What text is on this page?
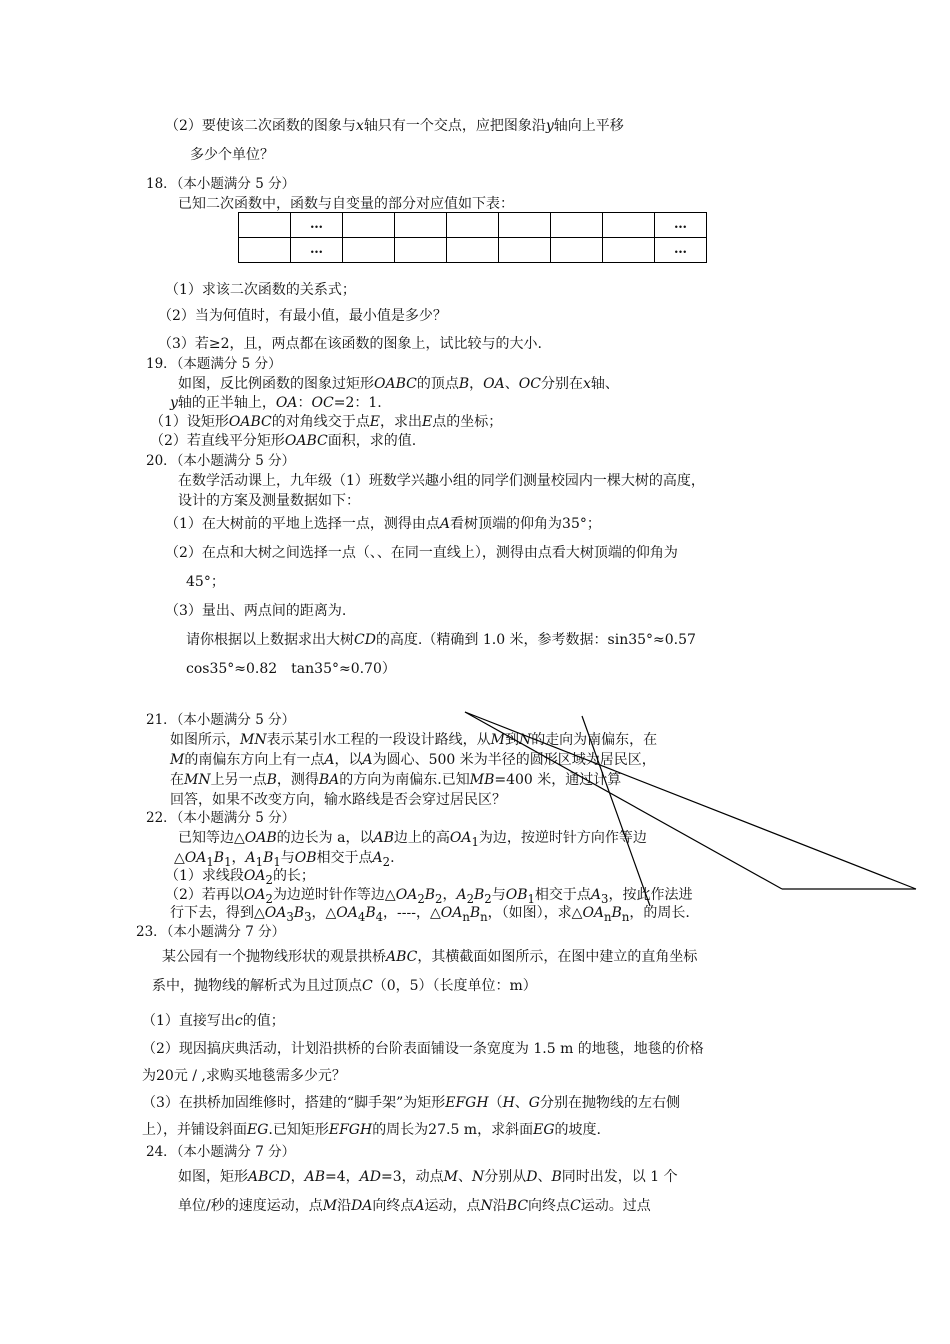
（2）要使该二次函数的图象与x轴只有一个交点，应把图象沿y轴向上平移
多少个单位？
18．（本小题满分 5 分）
已知二次函数中，函数与自变量的部分对应值如下表：
	…							…
	…							…
（1）求该二次函数的关系式；
（2）当为何值时，有最小值，最小值是多少？
（3）若≥2，且，两点都在该函数的图象上，试比较与的大小.
19．（本题满分 5 分）
如图，反比例函数的图象过矩形OABC的顶点B，OA、OC分别在x轴、
y轴的正半轴上，OA：OC=2：1.
（1）设矩形OABC的对角线交于点E，求出E点的坐标；
（2）若直线平分矩形OABC面积，求的值.
20．（本小题满分 5 分）
在数学活动课上，九年级（1）班数学兴趣小组的同学们测量校园内一棵大树的高度，
设计的方案及测量数据如下：
（1）在大树前的平地上选择一点，测得由点A看树顶端的仰角为35°；
（2）在点和大树之间选择一点（、、在同一直线上），测得由点看大树顶端的仰角为
45°；
（3）量出、两点间的距离为.
请你根据以上数据求出大树CD的高度.（精确到 1.0 米，参考数据：sin35°≈0.57
cos35°≈0.82　tan35°≈0.70）
21．（本小题满分 5 分）
如图所示，MN表示某引水工程的一段设计路线，从M到N的走向为南偏东，在
M的南偏东方向上有一点A，以A为圆心、500 米为半径的圆形区域为居民区，
在MN上另一点B，测得BA的方向为南偏东.已知MB=400 米，通过计算
回答，如果不改变方向，输水路线是否会穿过居民区？
22．（本小题满分 5 分）
已知等边△OAB的边长为 a，以AB边上的高$OA_1$为边，按逆时针方向作等边
$\triangle OA_1B_1$，$A_1B_1$与OB相交于点$A_2$.
（1）求线段$OA_2$的长；
（2）若再以$OA_2$为边逆时针作等边$\triangle OA_2B_2$，$A_2B_2$与$OB_1$相交于点$A_3$，按此作法进
行下去，得到$\triangle OA_3B_3$，$\triangle OA_4B_4$，----，$\triangle OA_nB_n$，（如图），求$\triangle OA_nB_n$，的周长.
23．（本小题满分 7 分）
某公园有一个抛物线形状的观景拱桥ABC，其横截面如图所示，在图中建立的直角坐标
系中，抛物线的解析式为且过顶点C（0，5）（长度单位：m）
（1）直接写出c的值；
（2）现因搞庆典活动，计划沿拱桥的台阶表面铺设一条宽度为 1.5 m 的地毯，地毯的价格
为20元 / ,求购买地毯需多少元？
（3）在拱桥加固维修时，搭建的“脚手架”为矩形EFGH（H、G分别在抛物线的左右侧
上），并铺设斜面EG.已知矩形EFGH的周长为27.5 m，求斜面EG的坡度.
24．（本小题满分 7 分）
如图，矩形ABCD，AB=4，AD=3，动点M、N分别从D、B同时出发，以 1 个
单位/秒的速度运动，点M沿DA向终点A运动，点N沿BC向终点C运动。过点
